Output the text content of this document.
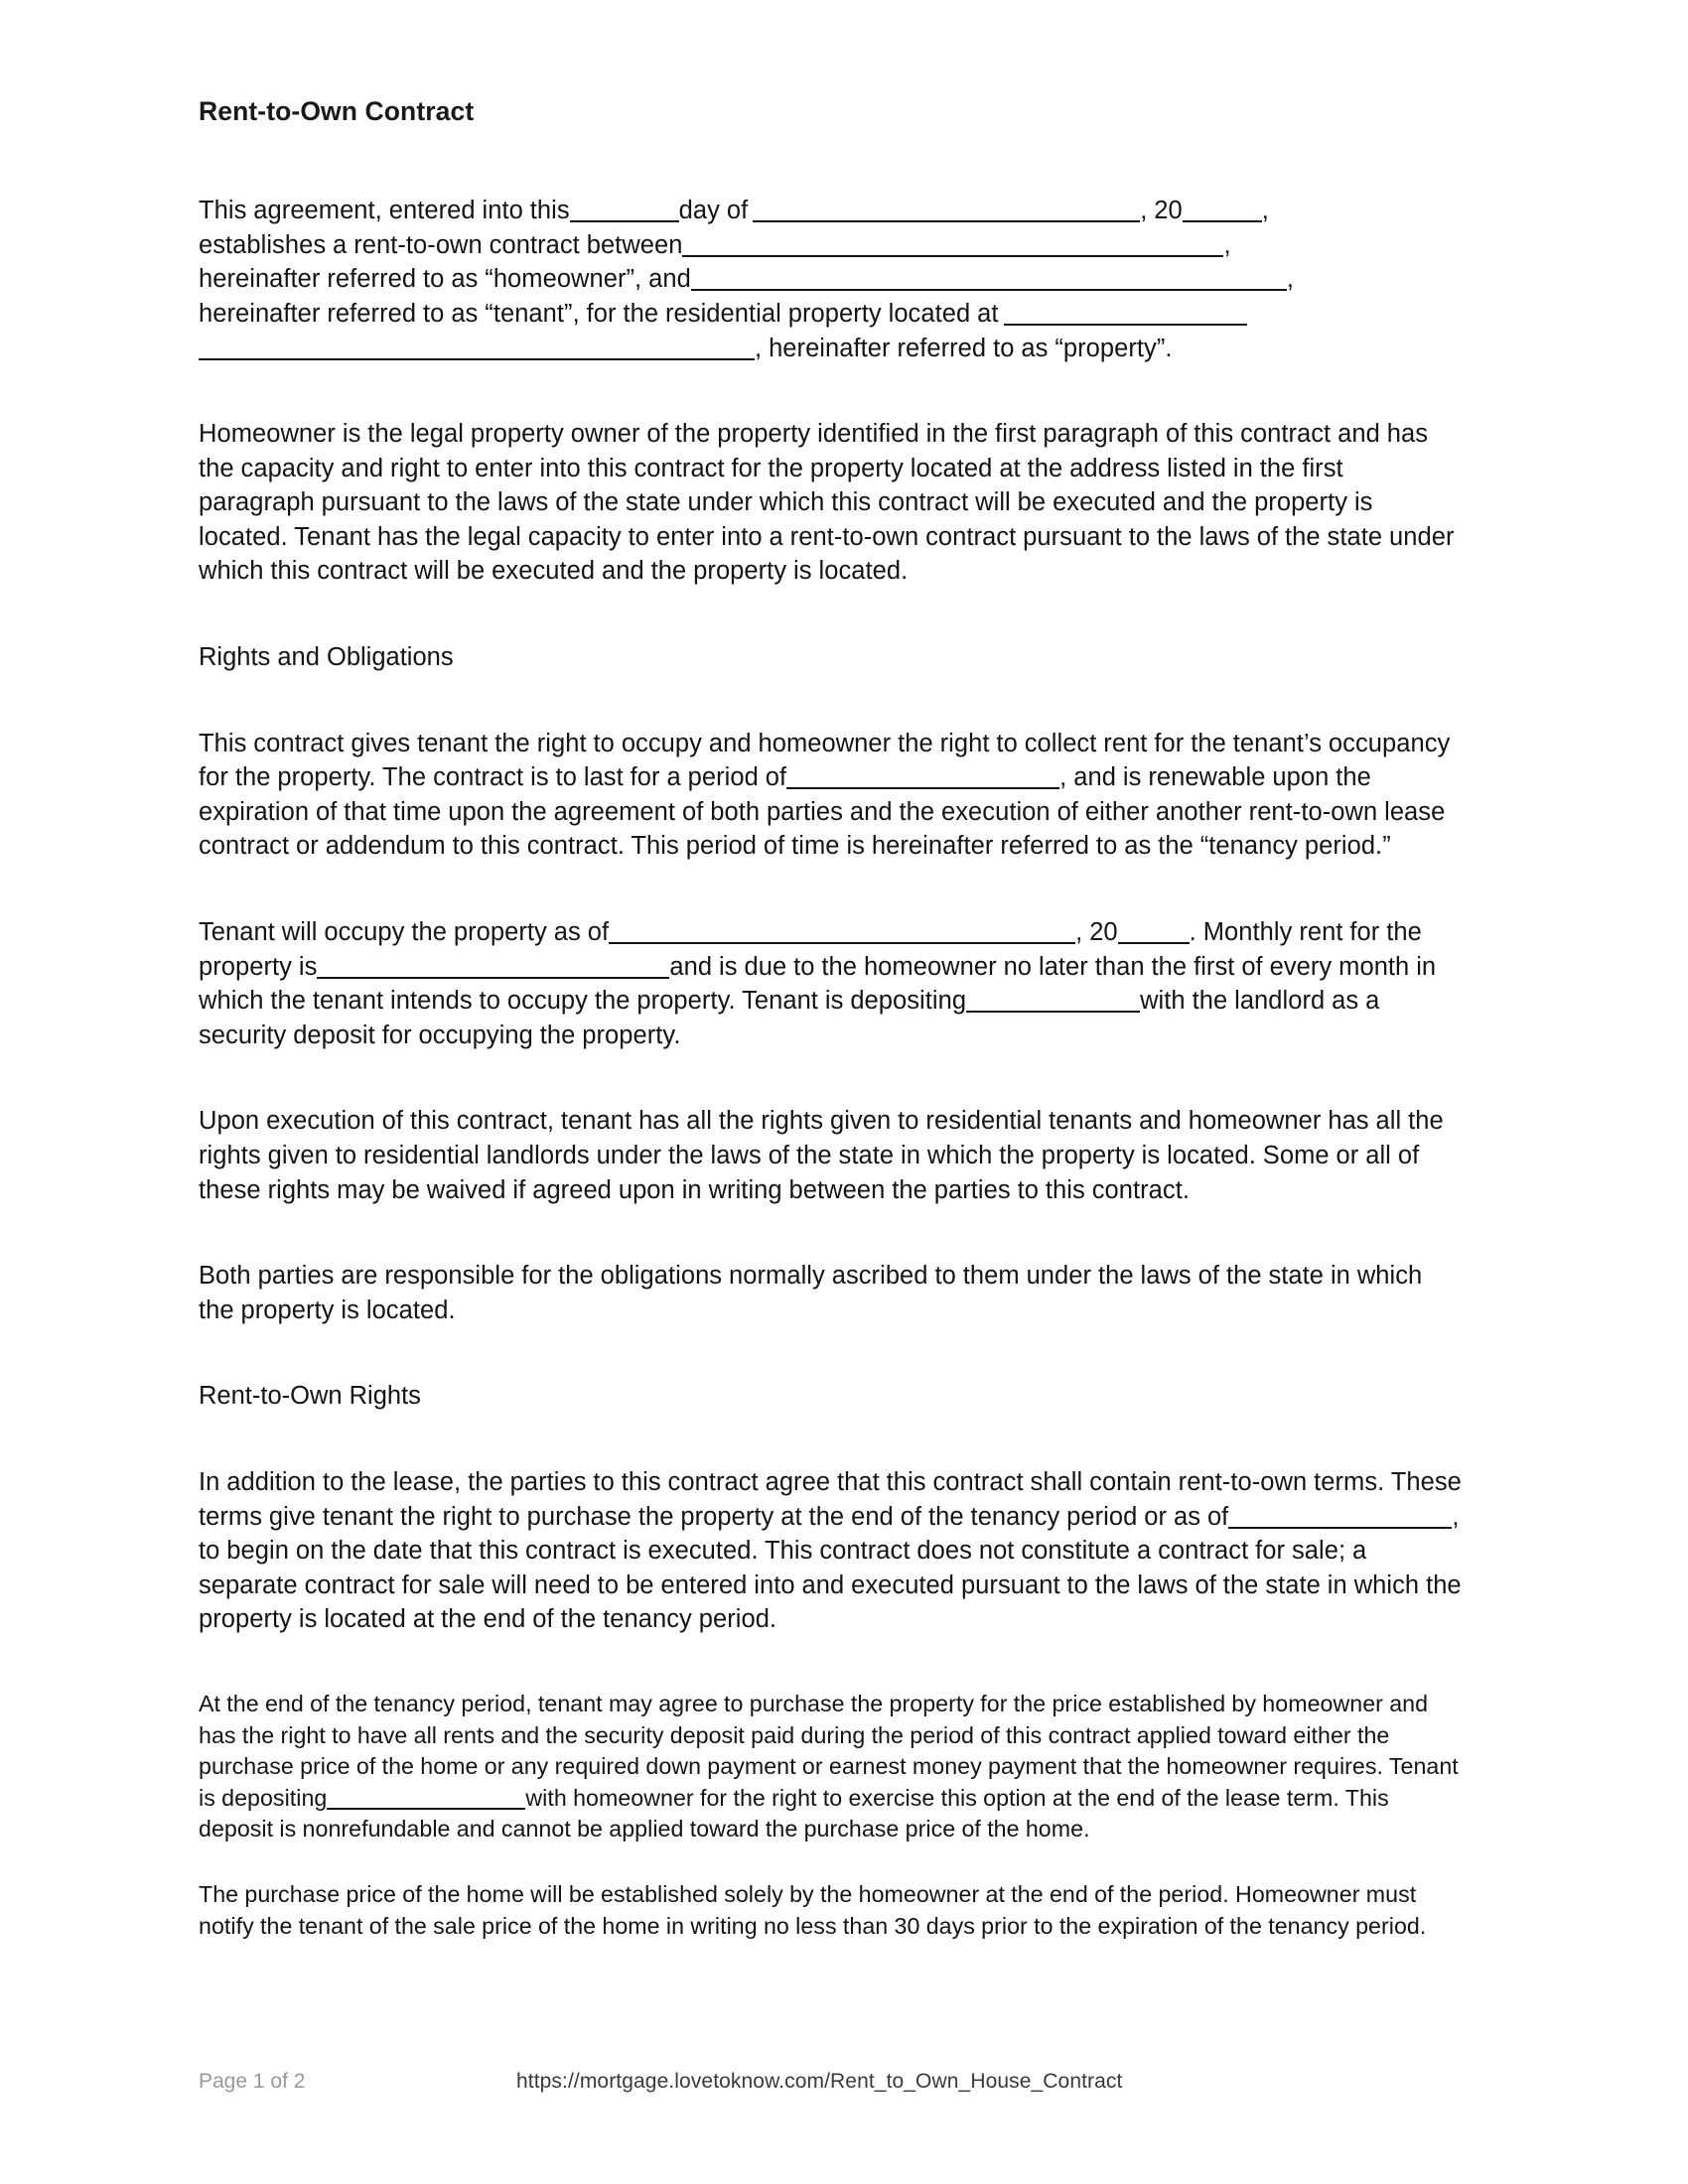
Rent-to-Own Contract

This agreement, entered into this	day of	, 20	,
establishes a rent-to-own contract between	,
hereinafter referred to as “homeowner”, and	,
hereinafter referred to as “tenant”, for the residential property located at
, hereinafter referred to as “property”.

Homeowner is the legal property owner of the property identified in the first paragraph of this contract and has the capacity and right to enter into this contract for the property located at the address listed in the first paragraph pursuant to the laws of the state under which this contract will be executed and the property is located. Tenant has the legal capacity to enter into a rent-to-own contract pursuant to the laws of the state under which this contract will be executed and the property is located.

Rights and Obligations

This contract gives tenant the right to occupy and homeowner the right to collect rent for the tenant’s occupancy for the property. The contract is to last for a period of	, and is renewable upon the expiration of that time upon the agreement of both parties and the execution of either another rent-to-own lease contract or addendum to this contract. This period of time is hereinafter referred to as the “tenancy period.”

Tenant will occupy the property as of	, 20	. Monthly rent for the property is	and is due to the homeowner no later than the first of every month in which the tenant intends to occupy the property. Tenant is depositing	with the landlord as a security deposit for occupying the property.

Upon execution of this contract, tenant has all the rights given to residential tenants and homeowner has all the rights given to residential landlords under the laws of the state in which the property is located. Some or all of these rights may be waived if agreed upon in writing between the parties to this contract.

Both parties are responsible for the obligations normally ascribed to them under the laws of the state in which the property is located.

Rent-to-Own Rights

In addition to the lease, the parties to this contract agree that this contract shall contain rent-to-own terms. These terms give tenant the right to purchase the property at the end of the tenancy period or as of	, to begin on the date that this contract is executed. This contract does not constitute a contract for sale; a separate contract for sale will need to be entered into and executed pursuant to the laws of the state in which the property is located at the end of the tenancy period.

At the end of the tenancy period, tenant may agree to purchase the property for the price established by homeowner and has the right to have all rents and the security deposit paid during the period of this contract applied toward either the purchase price of the home or any required down payment or earnest money payment that the homeowner requires. Tenant is depositing	with homeowner for the right to exercise this option at the end of the lease term. This deposit is nonrefundable and cannot be applied toward the purchase price of the home.

The purchase price of the home will be established solely by the homeowner at the end of the period. Homeowner must notify the tenant of the sale price of the home in writing no less than 30 days prior to the expiration of the tenancy period.

Page 1 of 2	https://mortgage.lovetoknow.com/Rent_to_Own_House_Contract
